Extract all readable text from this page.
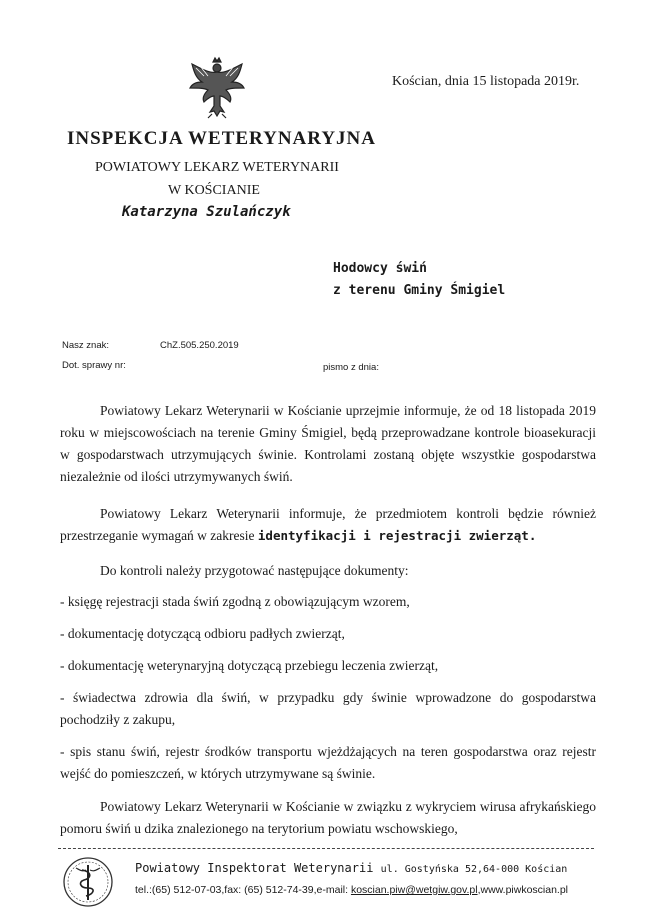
Kościan, dnia 15 listopada 2019r.
INSPEKCJA WETERYNARYJNA
POWIATOWY LEKARZ WETERYNARII
W KOŚCIANIE
Katarzyna Szulańczyk
Hodowcy świń
z terenu Gminy Śmigiel
Nasz znak:	ChZ.505.250.2019
Dot. sprawy nr:	pismo z dnia:
Powiatowy Lekarz Weterynarii w Kościanie uprzejmie informuje, że od 18 listopada 2019 roku w miejscowościach na terenie Gminy Śmigiel, będą przeprowadzane kontrole bioasekuracji w gospodarstwach utrzymujących świnie. Kontrolami zostaną objęte wszystkie gospodarstwa niezależnie od ilości utrzymywanych świń.
Powiatowy Lekarz Weterynarii informuje, że przedmiotem kontroli będzie również przestrzeganie wymagań w zakresie identyfikacji i rejestracji zwierząt.
Do kontroli należy przygotować następujące dokumenty:
- księgę rejestracji stada świń zgodną z obowiązującym wzorem,
- dokumentację dotyczącą odbioru padłych zwierząt,
- dokumentację weterynaryjną dotyczącą przebiegu leczenia zwierząt,
- świadectwa zdrowia dla świń, w przypadku gdy świnie wprowadzone do gospodarstwa pochodziły z zakupu,
- spis stanu świń, rejestr środków transportu wjeżdżających na teren gospodarstwa oraz rejestr wejść do pomieszczeń, w których utrzymywane są świnie.
Powiatowy Lekarz Weterynarii w Kościanie w związku z wykryciem wirusa afrykańskiego pomoru świń u dzika znalezionego na terytorium powiatu wschowskiego,
Powiatowy Inspektorat Weterynarii ul. Gostyńska 52,64-000 Kościan
tel.:(65) 512-07-03,fax: (65) 512-74-39,e-mail: koscian.piw@wetgiw.gov.pl,www.piwkoscian.pl
